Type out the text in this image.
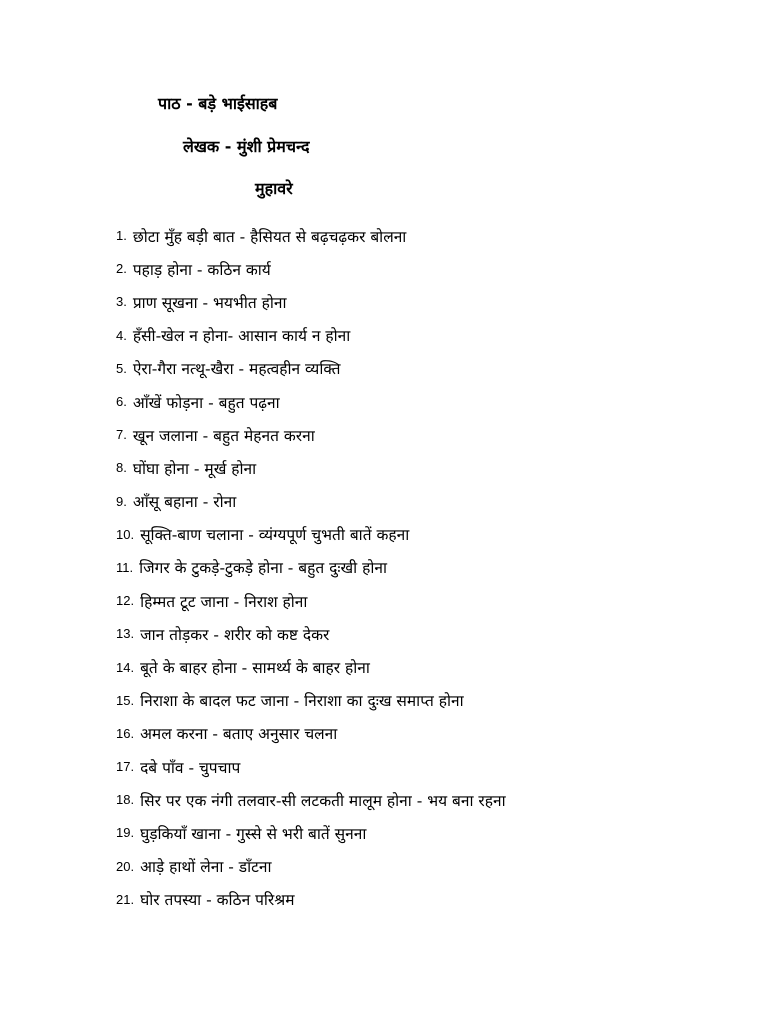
पाठ - बड़े भाईसाहब
लेखक - मुंशी प्रेमचन्द
मुहावरे
1. छोटा मुँह बड़ी बात - हैसियत से बढ़चढ़कर बोलना
2. पहाड़ होना - कठिन कार्य
3. प्राण सूखना - भयभीत होना
4. हँसी-खेल न होना- आसान कार्य न होना
5. ऐरा-गैरा नत्थू-खैरा - महत्वहीन व्यक्ति
6. आँखें फोड़ना - बहुत पढ़ना
7. खून जलाना - बहुत मेहनत करना
8. घोंघा होना - मूर्ख होना
9. आँसू बहाना - रोना
10. सूक्ति-बाण चलाना - व्यंग्यपूर्ण चुभती बातें कहना
11. जिगर के टुकड़े-टुकड़े होना - बहुत दुःखी होना
12. हिम्मत टूट जाना - निराश होना
13. जान तोड़कर - शरीर को कष्ट देकर
14. बूते के बाहर होना - सामर्थ्य के बाहर होना
15. निराशा के बादल फट जाना - निराशा का दुःख समाप्त होना
16. अमल करना - बताए अनुसार चलना
17. दबे पाँव - चुपचाप
18. सिर पर एक नंगी तलवार-सी लटकती मालूम होना - भय बना रहना
19. घुड़कियाँ खाना - गुस्से से भरी बातें सुनना
20. आड़े हाथों लेना - डाँटना
21. घोर तपस्या - कठिन परिश्रम
